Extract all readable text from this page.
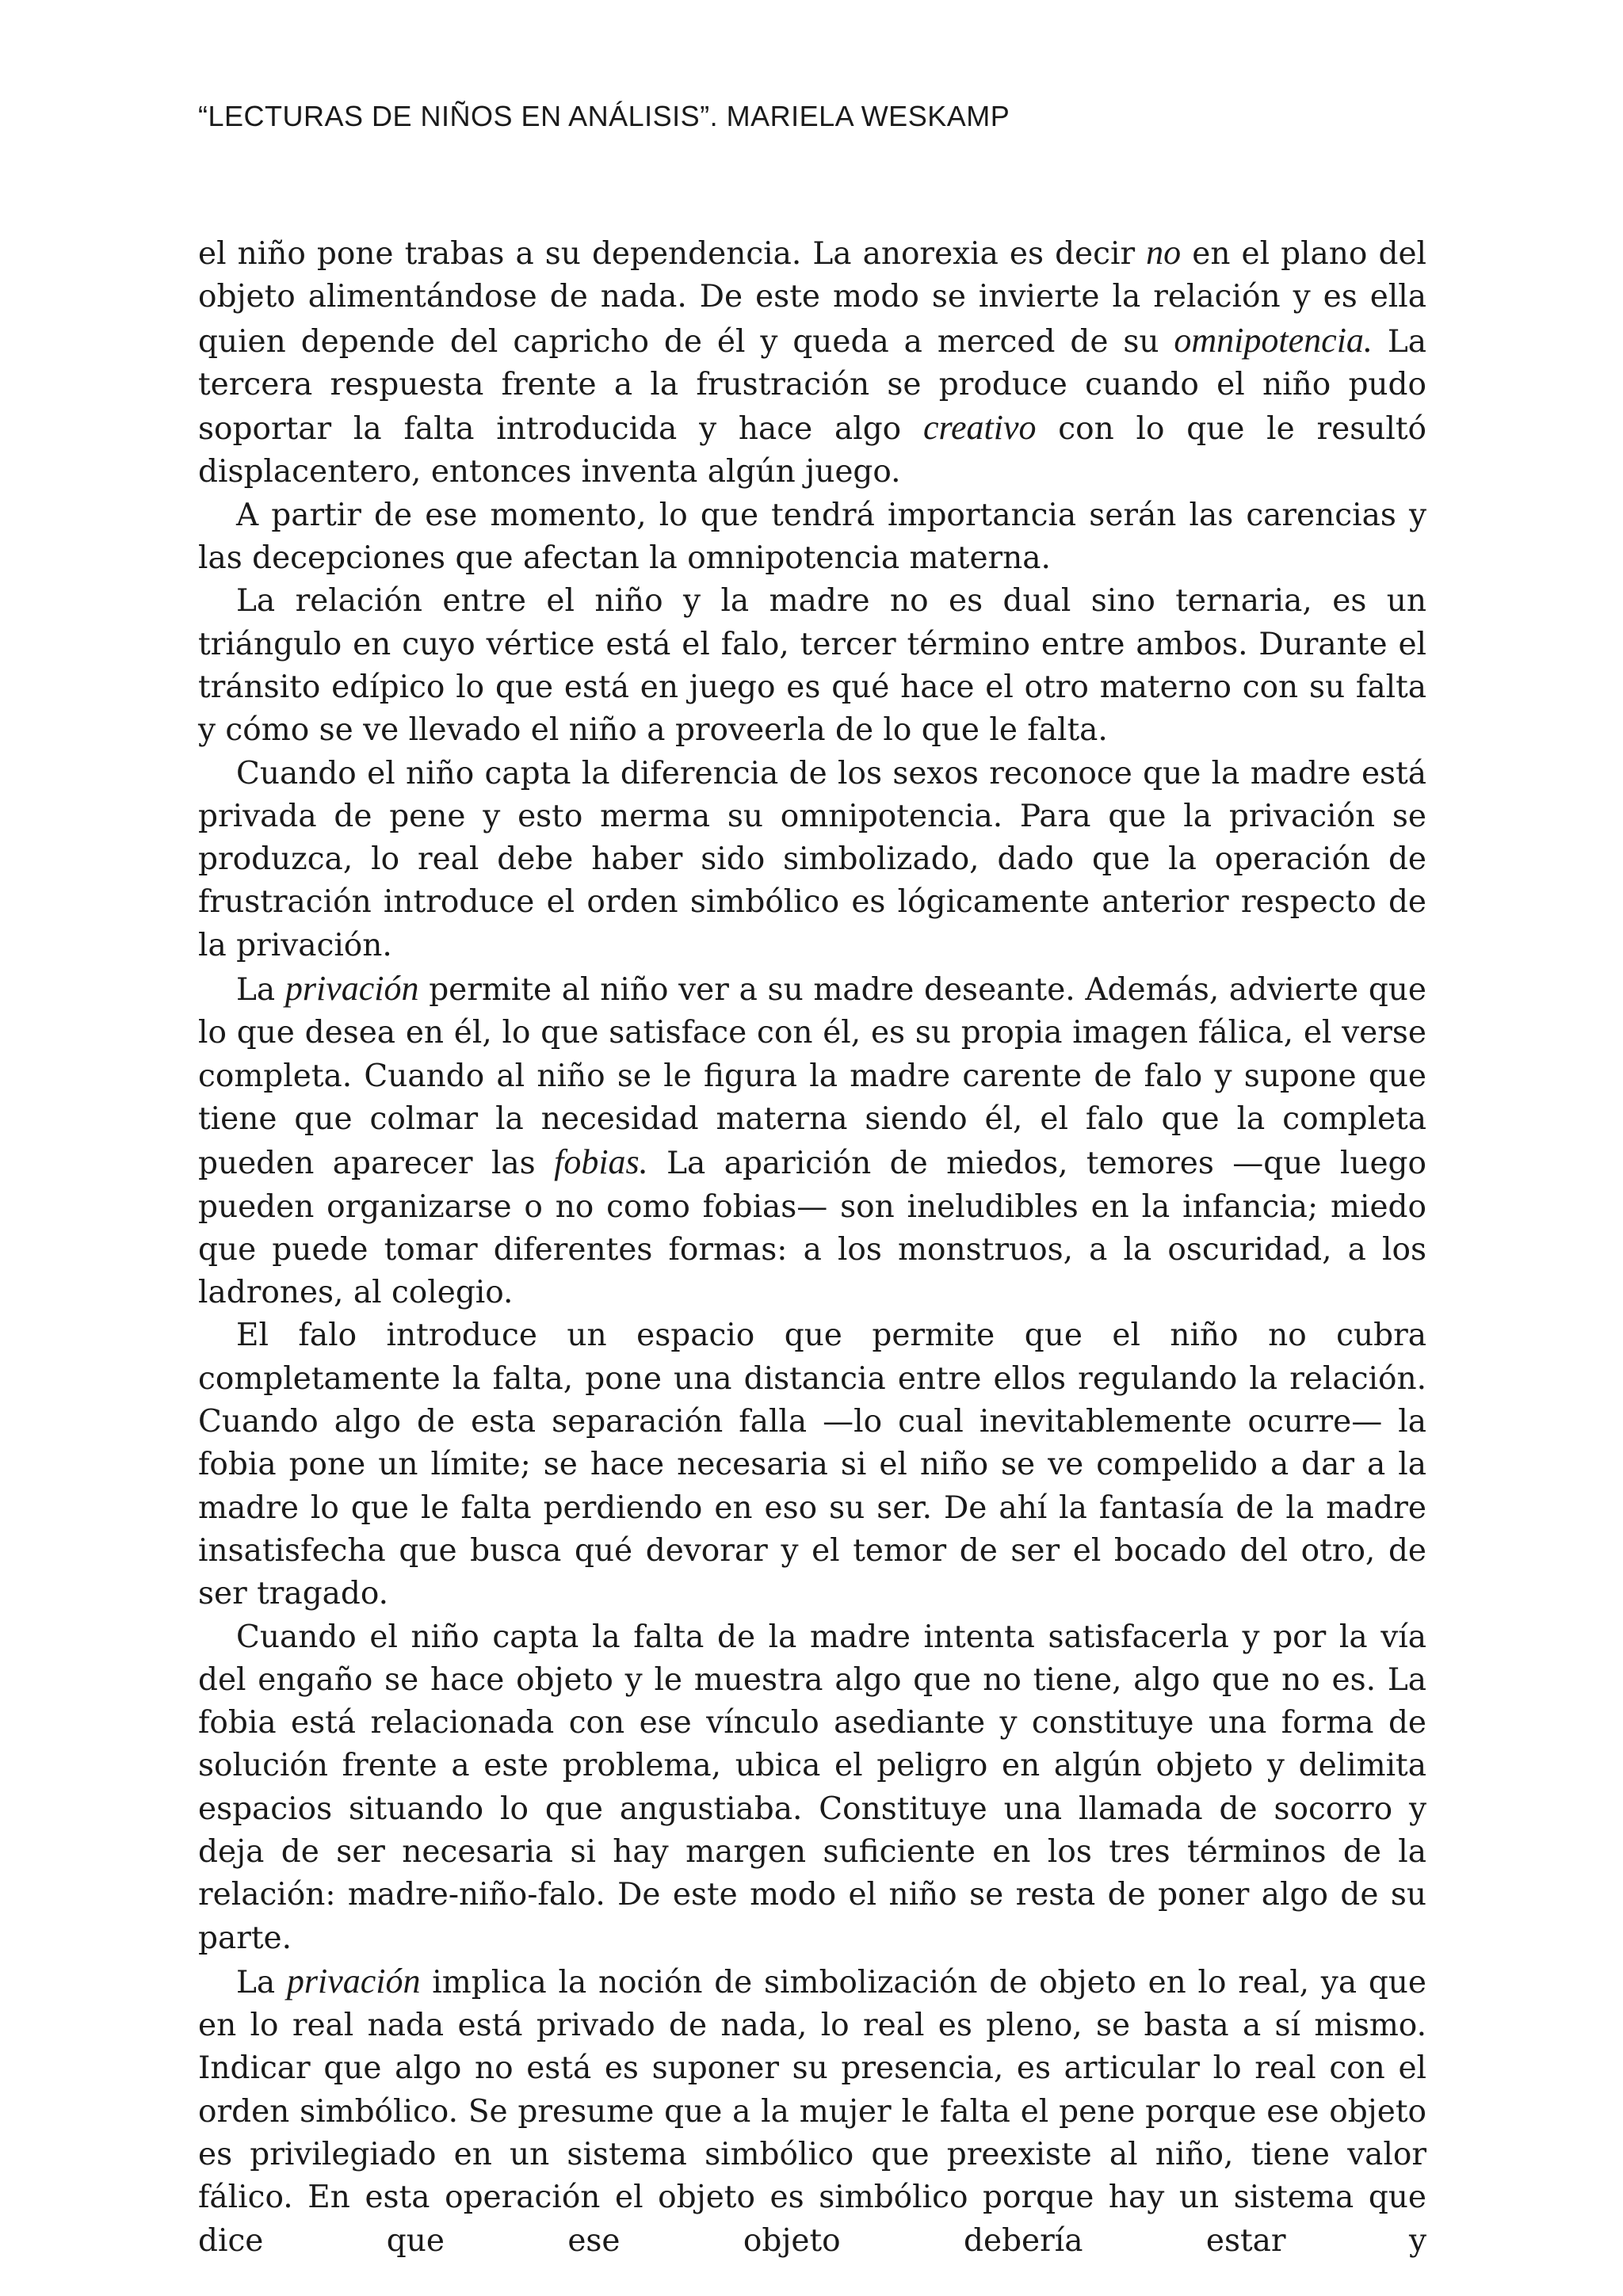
“LECTURAS DE NIÑOS EN ANÁLISIS”. MARIELA WESKAMP

el niño pone trabas a su dependencia. La anorexia es decir no en el plano del objeto alimentándose de nada. De este modo se invierte la relación y es ella quien depende del capricho de él y queda a merced de su omnipotencia. La tercera respuesta frente a la frustración se produce cuando el niño pudo soportar la falta introducida y hace algo creativo con lo que le resultó displacentero, entonces inventa algún juego.

A partir de ese momento, lo que tendrá importancia serán las carencias y las decepciones que afectan la omnipotencia materna.

La relación entre el niño y la madre no es dual sino ternaria, es un triángulo en cuyo vértice está el falo, tercer término entre ambos. Durante el tránsito edípico lo que está en juego es qué hace el otro materno con su falta y cómo se ve llevado el niño a proveerla de lo que le falta.

Cuando el niño capta la diferencia de los sexos reconoce que la madre está privada de pene y esto merma su omnipotencia. Para que la privación se produzca, lo real debe haber sido simbolizado, dado que la operación de frustración introduce el orden simbólico es lógicamente anterior respecto de la privación.

La privación permite al niño ver a su madre deseante. Además, advierte que lo que desea en él, lo que satisface con él, es su propia imagen fálica, el verse completa. Cuando al niño se le figura la madre carente de falo y supone que tiene que colmar la necesidad materna siendo él, el falo que la completa pueden aparecer las fobias. La aparición de miedos, temores —que luego pueden organizarse o no como fobias— son ineludibles en la infancia; miedo que puede tomar diferentes formas: a los monstruos, a la oscuridad, a los ladrones, al colegio.

El falo introduce un espacio que permite que el niño no cubra completamente la falta, pone una distancia entre ellos regulando la relación. Cuando algo de esta separación falla —lo cual inevitablemente ocurre— la fobia pone un límite; se hace necesaria si el niño se ve compelido a dar a la madre lo que le falta perdiendo en eso su ser. De ahí la fantasía de la madre insatisfecha que busca qué devorar y el temor de ser el bocado del otro, de ser tragado.

Cuando el niño capta la falta de la madre intenta satisfacerla y por la vía del engaño se hace objeto y le muestra algo que no tiene, algo que no es. La fobia está relacionada con ese vínculo asediante y constituye una forma de solución frente a este problema, ubica el peligro en algún objeto y delimita espacios situando lo que angustiaba. Constituye una llamada de socorro y deja de ser necesaria si hay margen suficiente en los tres términos de la relación: madre-niño-falo. De este modo el niño se resta de poner algo de su parte.

La privación implica la noción de simbolización de objeto en lo real, ya que en lo real nada está privado de nada, lo real es pleno, se basta a sí mismo. Indicar que algo no está es suponer su presencia, es articular lo real con el orden simbólico. Se presume que a la mujer le falta el pene porque ese objeto es privilegiado en un sistema simbólico que preexiste al niño, tiene valor fálico. En esta operación el objeto es simbólico porque hay un sistema que dice que ese objeto debería estar y
